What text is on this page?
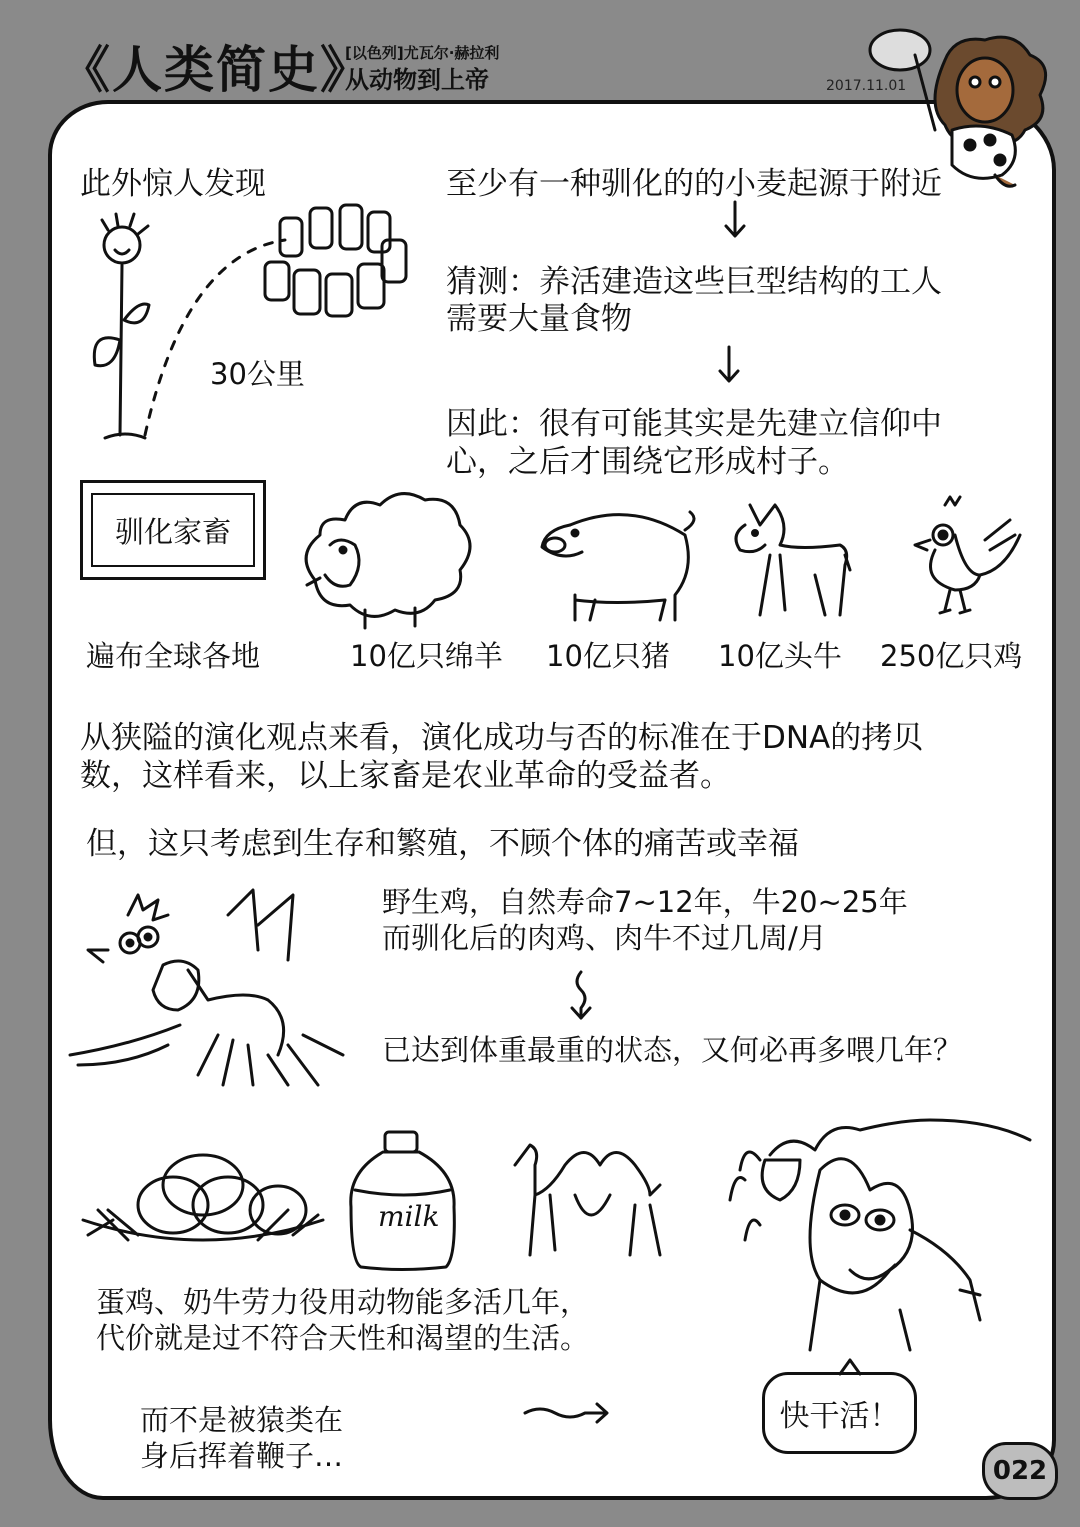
《人类简史》
[以色列]尤瓦尔·赫拉利
从动物到上帝	2017.11.01
此外惊人发现
30公里
至少有一种驯化的的小麦起源于附近
猜测：养活建造这些巨型结构的工人
需要大量食物
因此：很有可能其实是先建立信仰中
心，之后才围绕它形成村子。
驯化家畜
遍布全球各地	10亿只绵羊 10亿只猪 10亿头牛 250亿只鸡
从狭隘的演化观点来看，演化成功与否的标准在于DNA的拷贝
数，这样看来，以上家畜是农业革命的受益者。
但，这只考虑到生存和繁殖，不顾个体的痛苦或幸福
野生鸡，自然寿命7~12年，牛20~25年
而驯化后的肉鸡、肉牛不过几周/月
已达到体重最重的状态，又何必再多喂几年？
milk
蛋鸡、奶牛劳力役用动物能多活几年，
代价就是过不符合天性和渴望的生活。
而不是被猿类在
身后挥着鞭子…
快干活！
022
